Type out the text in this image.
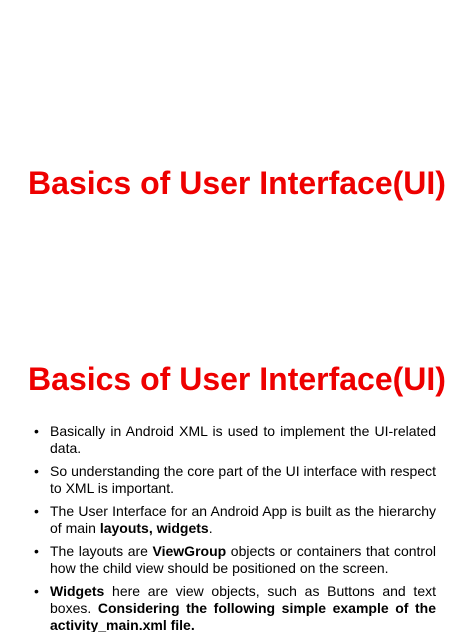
Basics of User Interface(UI)
Basics of User Interface(UI)
• Basically in Android XML is used to implement the UI-related data.
• So understanding the core part of the UI interface with respect to XML is important.
• The User Interface for an Android App is built as the hierarchy of main layouts, widgets.
• The layouts are ViewGroup objects or containers that control how the child view should be positioned on the screen.
• Widgets here are view objects, such as Buttons and text boxes. Considering the following simple example of the activity_main.xml file.
